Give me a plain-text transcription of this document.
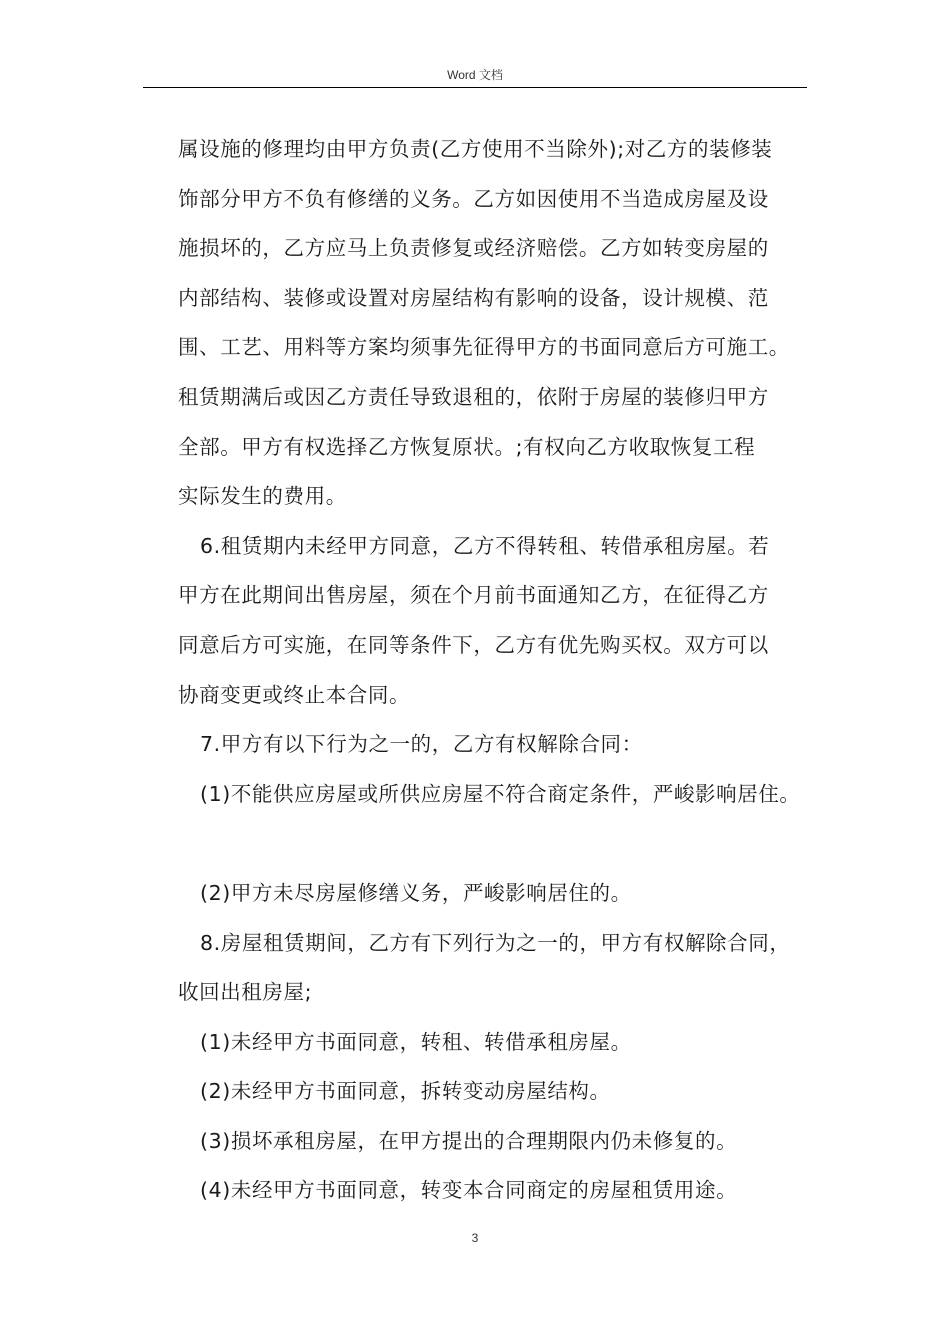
Word 文档
属设施的修理均由甲方负责(乙方使用不当除外);对乙方的装修装
饰部分甲方不负有修缮的义务。乙方如因使用不当造成房屋及设
施损坏的，乙方应马上负责修复或经济赔偿。乙方如转变房屋的
内部结构、装修或设置对房屋结构有影响的设备，设计规模、范
围、工艺、用料等方案均须事先征得甲方的书面同意后方可施工。
租赁期满后或因乙方责任导致退租的，依附于房屋的装修归甲方
全部。甲方有权选择乙方恢复原状。;有权向乙方收取恢复工程
实际发生的费用。
6.租赁期内未经甲方同意，乙方不得转租、转借承租房屋。若
甲方在此期间出售房屋，须在个月前书面通知乙方，在征得乙方
同意后方可实施，在同等条件下，乙方有优先购买权。双方可以
协商变更或终止本合同。
7.甲方有以下行为之一的，乙方有权解除合同：
(1)不能供应房屋或所供应房屋不符合商定条件，严峻影响居住。
(2)甲方未尽房屋修缮义务，严峻影响居住的。
8.房屋租赁期间，乙方有下列行为之一的，甲方有权解除合同，
收回出租房屋;
(1)未经甲方书面同意，转租、转借承租房屋。
(2)未经甲方书面同意，拆转变动房屋结构。
(3)损坏承租房屋，在甲方提出的合理期限内仍未修复的。
(4)未经甲方书面同意，转变本合同商定的房屋租赁用途。
3
